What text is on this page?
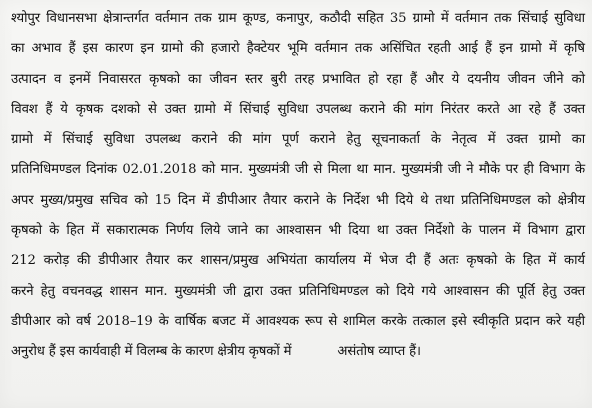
श्योपुर विधानसभा क्षेत्रान्तर्गत वर्तमान तक ग्राम कूण्ड, कनापुर, कठौदी सहित 35 ग्रामो में वर्तमान तक सिंचाई सुविधा
का अभाव हैं इस कारण इन ग्रामो की हजारो हैक्टेयर भूमि वर्तमान तक असिंचित रहती आई हैं इन ग्रामो में कृषि
उत्पादन व इनमें निवासरत कृषको का जीवन स्तर बुरी तरह प्रभावित हो रहा हैं और ये दयनीय जीवन जीने को
विवश हैं ये कृषक दशको से उक्त ग्रामो में सिंचाई सुविधा उपलब्ध कराने की मांग निरंतर करते आ रहे हैं उक्त
ग्रामो में सिंचाई सुविधा उपलब्ध कराने की मांग पूर्ण कराने हेतु सूचनाकर्ता के नेतृत्व में उक्त ग्रामो का
प्रतिनिधिमण्डल दिनांक 02.01.2018 को मान. मुख्यमंत्री जी से मिला था मान. मुख्यमंत्री जी ने मौके पर ही विभाग के
अपर मुख्य/प्रमुख सचिव को 15 दिन में डीपीआर तैयार कराने के निर्देश भी दिये थे तथा प्रतिनिधिमण्डल को क्षेत्रीय
कृषको के हित में सकारात्मक निर्णय लिये जाने का आश्वासन भी दिया था उक्त निर्देशो के पालन में विभाग द्वारा
212 करोड़ की डीपीआर तैयार कर शासन/प्रमुख अभियंता कार्यालय में भेज दी हैं अतः कृषको के हित में कार्य
करने हेतु वचनवद्ध शासन मान. मुख्यमंत्री जी द्वारा उक्त प्रतिनिधिमण्डल को दिये गये आश्वासन की पूर्ति हेतु उक्त
डीपीआर को वर्ष 2018–19 के वार्षिक बजट में आवश्यक रूप से शामिल करके तत्काल इसे स्वीकृति प्रदान करे यही
अनुरोध हैं इस कार्यवाही में विलम्ब के कारण क्षेत्रीय कृषकों में	असंतोष व्याप्त हैं।
